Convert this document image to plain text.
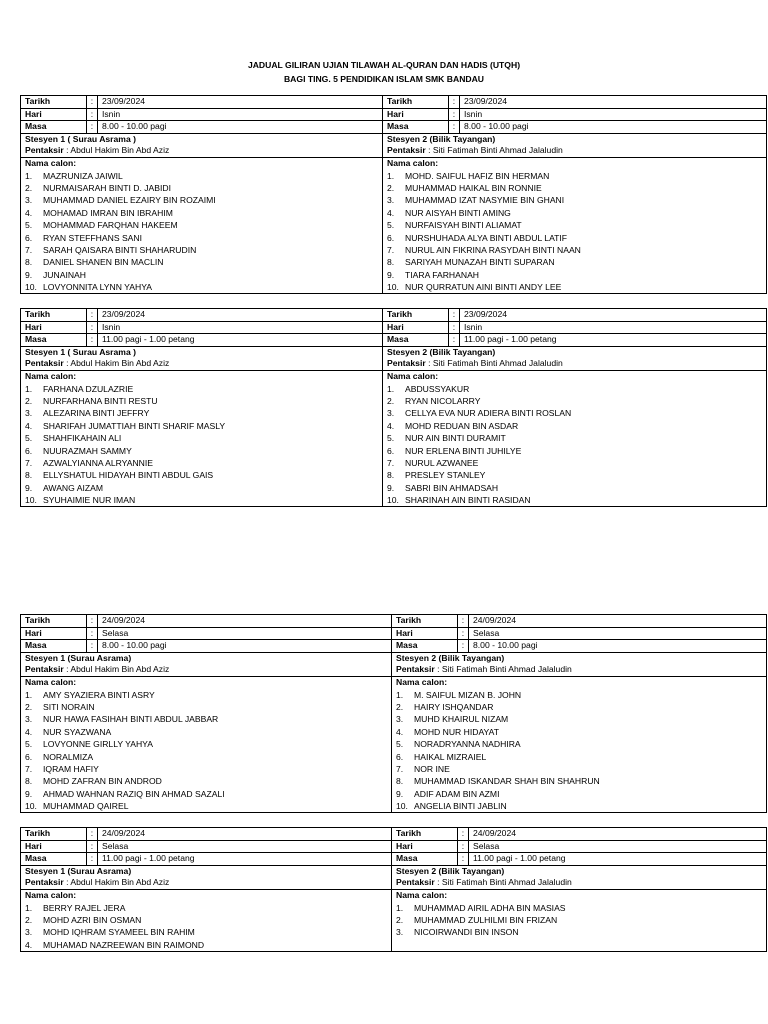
JADUAL GILIRAN UJIAN TILAWAH AL-QURAN DAN HADIS (UTQH)
BAGI TING. 5 PENDIDIKAN ISLAM SMK BANDAU
Tarikh	:	23/09/2024
Hari	:	Isnin
Masa	:	8.00 - 10.00 pagi

Tarikh	:	23/09/2024
Hari	:	Isnin
Masa	:	8.00 - 10.00 pagi

Stesyen 1 ( Surau Asrama )
Pentaksir : Abdul Hakim Bin Abd Aziz

Stesyen 2 (Bilik Tayangan)
Pentaksir : Siti Fatimah Binti Ahmad Jalaludin

Nama calon:
1. MAZRUNIZA JAIWIL
2. NURMAISARAH BINTI D. JABIDI
3. MUHAMMAD DANIEL EZAIRY BIN ROZAIMI
4. MOHAMAD IMRAN BIN IBRAHIM
5. MOHAMMAD FARQHAN HAKEEM
6. RYAN STEFFHANS SANI
7. SARAH QAISARA BINTI SHAHARUDIN
8. DANIEL SHANEN BIN MACLIN
9. JUNAINAH
10. LOVYONNITA LYNN YAHYA

Nama calon:
1. MOHD. SAIFUL HAFIZ BIN HERMAN
2. MUHAMMAD HAIKAL BIN RONNIE
3. MUHAMMAD IZAT NASYMIE BIN GHANI
4. NUR AISYAH BINTI AMING
5. NURFAISYAH BINTI ALIAMAT
6. NURSHUHADA ALYA BINTI ABDUL LATIF
7. NURUL AIN FIKRINA RASYDAH BINTI NAAN
8. SARIYAH MUNAZAH BINTI SUPARAN
9. TIARA FARHANAH
10. NUR QURRATUN AINI BINTI ANDY LEE
Tarikh	:	23/09/2024
Hari	:	Isnin
Masa	:	11.00 pagi - 1.00 petang

Tarikh	:	23/09/2024
Hari	:	Isnin
Masa	:	11.00 pagi - 1.00 petang

Stesyen 1 ( Surau Asrama )
Pentaksir : Abdul Hakim Bin Abd Aziz

Stesyen 2 (Bilik Tayangan)
Pentaksir : Siti Fatimah Binti Ahmad Jalaludin

Nama calon:
1. FARHANA DZULAZRIE
2. NURFARHANA BINTI RESTU
3. ALEZARINA BINTI JEFFRY
4. SHARIFAH JUMATTIAH BINTI SHARIF MASLY
5. SHAHFIKAHAIN ALI
6. NUURAZMAH SAMMY
7. AZWALYIANNA ALRYANNIE
8. ELLYSHATUL HIDAYAH BINTI ABDUL GAIS
9. AWANG AIZAM
10. SYUHAIMIE NUR IMAN

Nama calon:
1. ABDUSSYAKUR
2. RYAN NICOLARRY
3. CELLYA EVA NUR ADIERA BINTI ROSLAN
4. MOHD REDUAN BIN ASDAR
5. NUR AIN BINTI DURAMIT
6. NUR ERLENA BINTI JUHILYE
7. NURUL AZWANEE
8. PRESLEY STANLEY
9. SABRI BIN AHMADSAH
10. SHARINAH AIN BINTI RASIDAN
Tarikh	:	24/09/2024
Hari	:	Selasa
Masa	:	8.00 - 10.00 pagi

Tarikh	:	24/09/2024
Hari	:	Selasa
Masa	:	8.00 - 10.00 pagi

Stesyen 1 (Surau Asrama)
Pentaksir : Abdul Hakim Bin Abd Aziz

Stesyen 2 (Bilik Tayangan)
Pentaksir : Siti Fatimah Binti Ahmad Jalaludin

Nama calon:
1. AMY SYAZIERA BINTI ASRY
2. SITI NORAIN
3. NUR HAWA FASIHAH BINTI ABDUL JABBAR
4. NUR SYAZWANA
5. LOVYONNE GIRLLY YAHYA
6. NORALMIZA
7. IQRAM HAFIY
8. MOHD ZAFRAN BIN ANDROD
9. AHMAD WAHNAN RAZIQ BIN AHMAD SAZALI
10. MUHAMMAD QAIREL

Nama calon:
1. M. SAIFUL MIZAN B. JOHN
2. HAIRY ISHQANDAR
3. MUHD KHAIRUL NIZAM
4. MOHD NUR HIDAYAT
5. NORADRYANNA NADHIRA
6. HAIKAL MIZRAIEL
7. NOR INE
8. MUHAMMAD ISKANDAR SHAH BIN SHAHRUN
9. ADIF ADAM BIN AZMI
10. ANGELIA BINTI JABLIN
Tarikh	:	24/09/2024
Hari	:	Selasa
Masa	:	11.00 pagi - 1.00 petang

Tarikh	:	24/09/2024
Hari	:	Selasa
Masa	:	11.00 pagi - 1.00 petang

Stesyen 1 (Surau Asrama)
Pentaksir : Abdul Hakim Bin Abd Aziz

Stesyen 2 (Bilik Tayangan)
Pentaksir : Siti Fatimah Binti Ahmad Jalaludin

Nama calon:
1. BERRY RAJEL JERA
2. MOHD AZRI BIN OSMAN
3. MOHD IQHRAM SYAMEEL BIN RAHIM
4. MUHAMAD NAZREEWAN BIN RAIMOND

Nama calon:
1. MUHAMMAD AIRIL ADHA BIN MASIAS
2. MUHAMMAD ZULHILMI BIN FRIZAN
3. NICOIRWANDI BIN INSON
